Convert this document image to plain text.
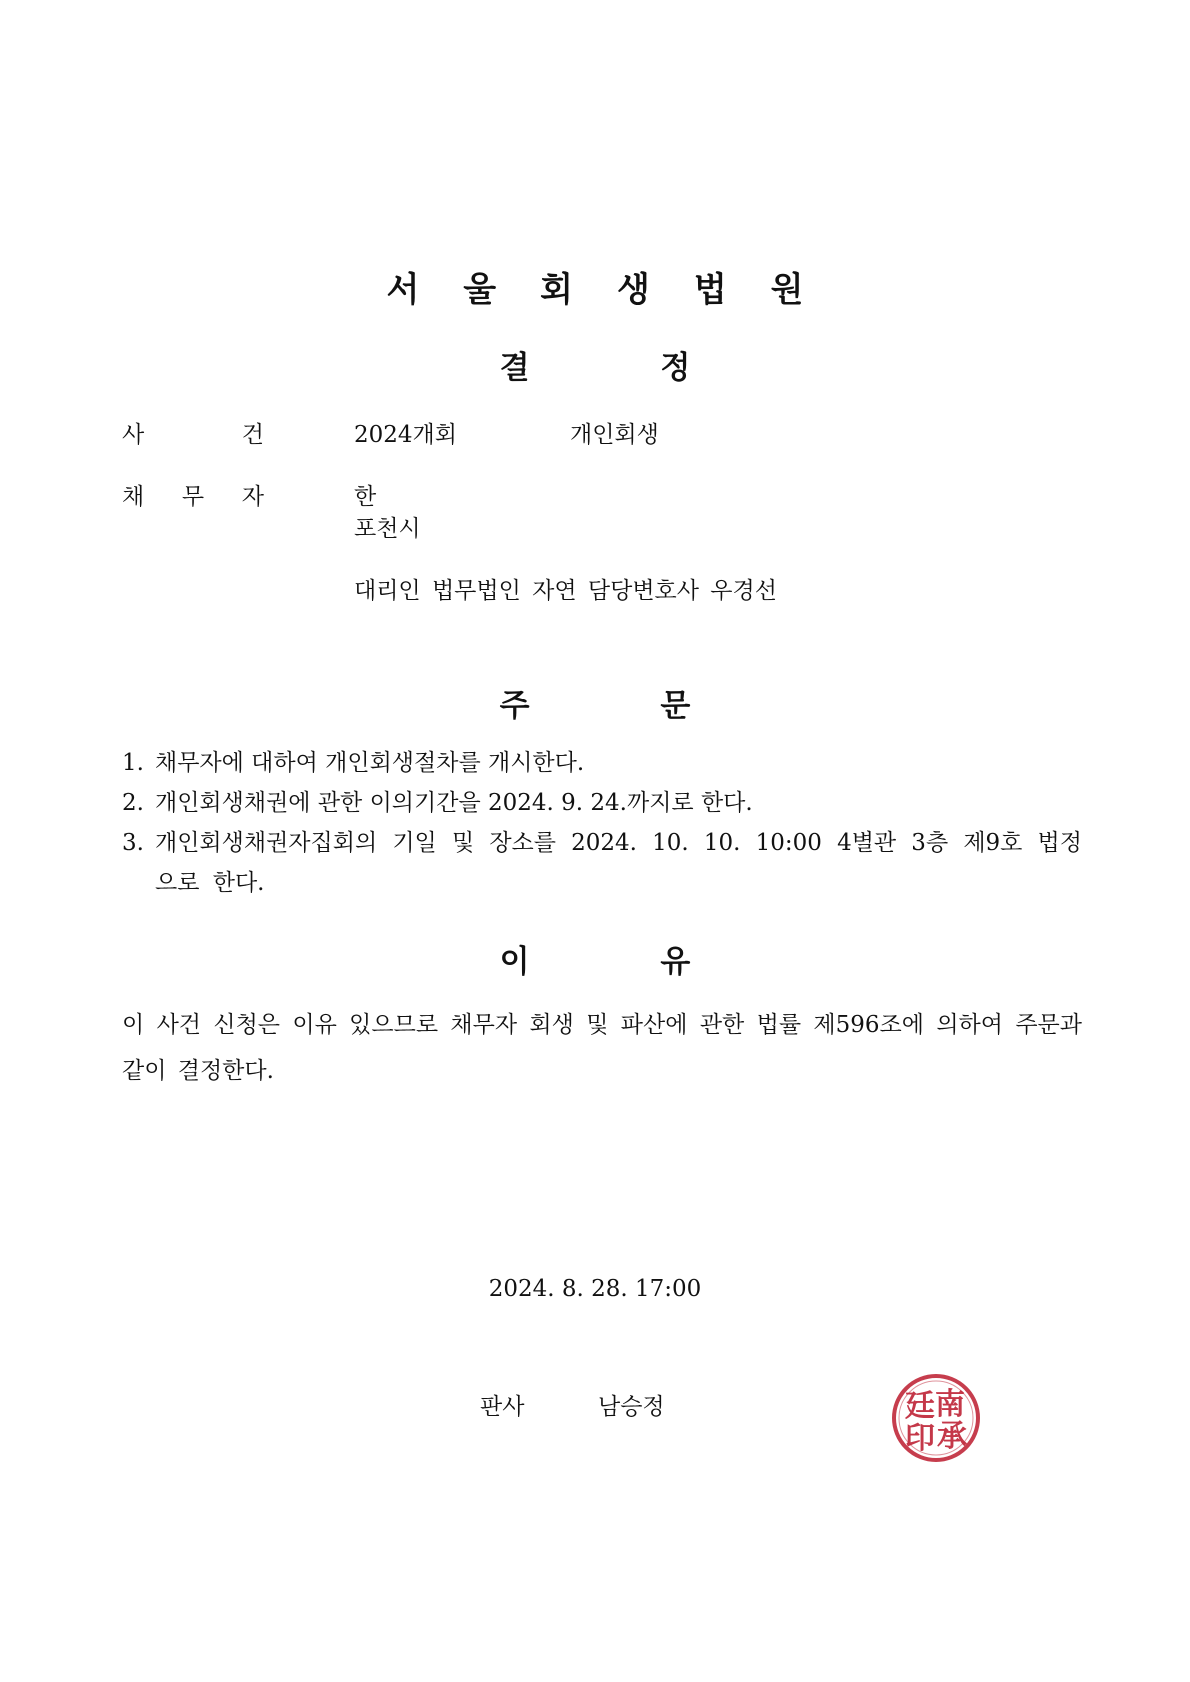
서울회생법원
결 정
사	건	2024개회	개인회생
채 무 자	한
포천시
대리인 법무법인 자연 담당변호사 우경선
주 문
1. 채무자에 대하여 개인회생절차를 개시한다.
2. 개인회생채권에 관한 이의기간을 2024. 9. 24.까지로 한다.
3. 개인회생채권자집회의 기일 및 장소를 2024. 10. 10. 10:00 4별관 3층 제9호 법정으로 한다.
이 유
이 사건 신청은 이유 있으므로 채무자 회생 및 파산에 관한 법률 제596조에 의하여 주문과 같이 결정한다.
2024. 8. 28. 17:00
판사	남승정	南
承
廷
印
